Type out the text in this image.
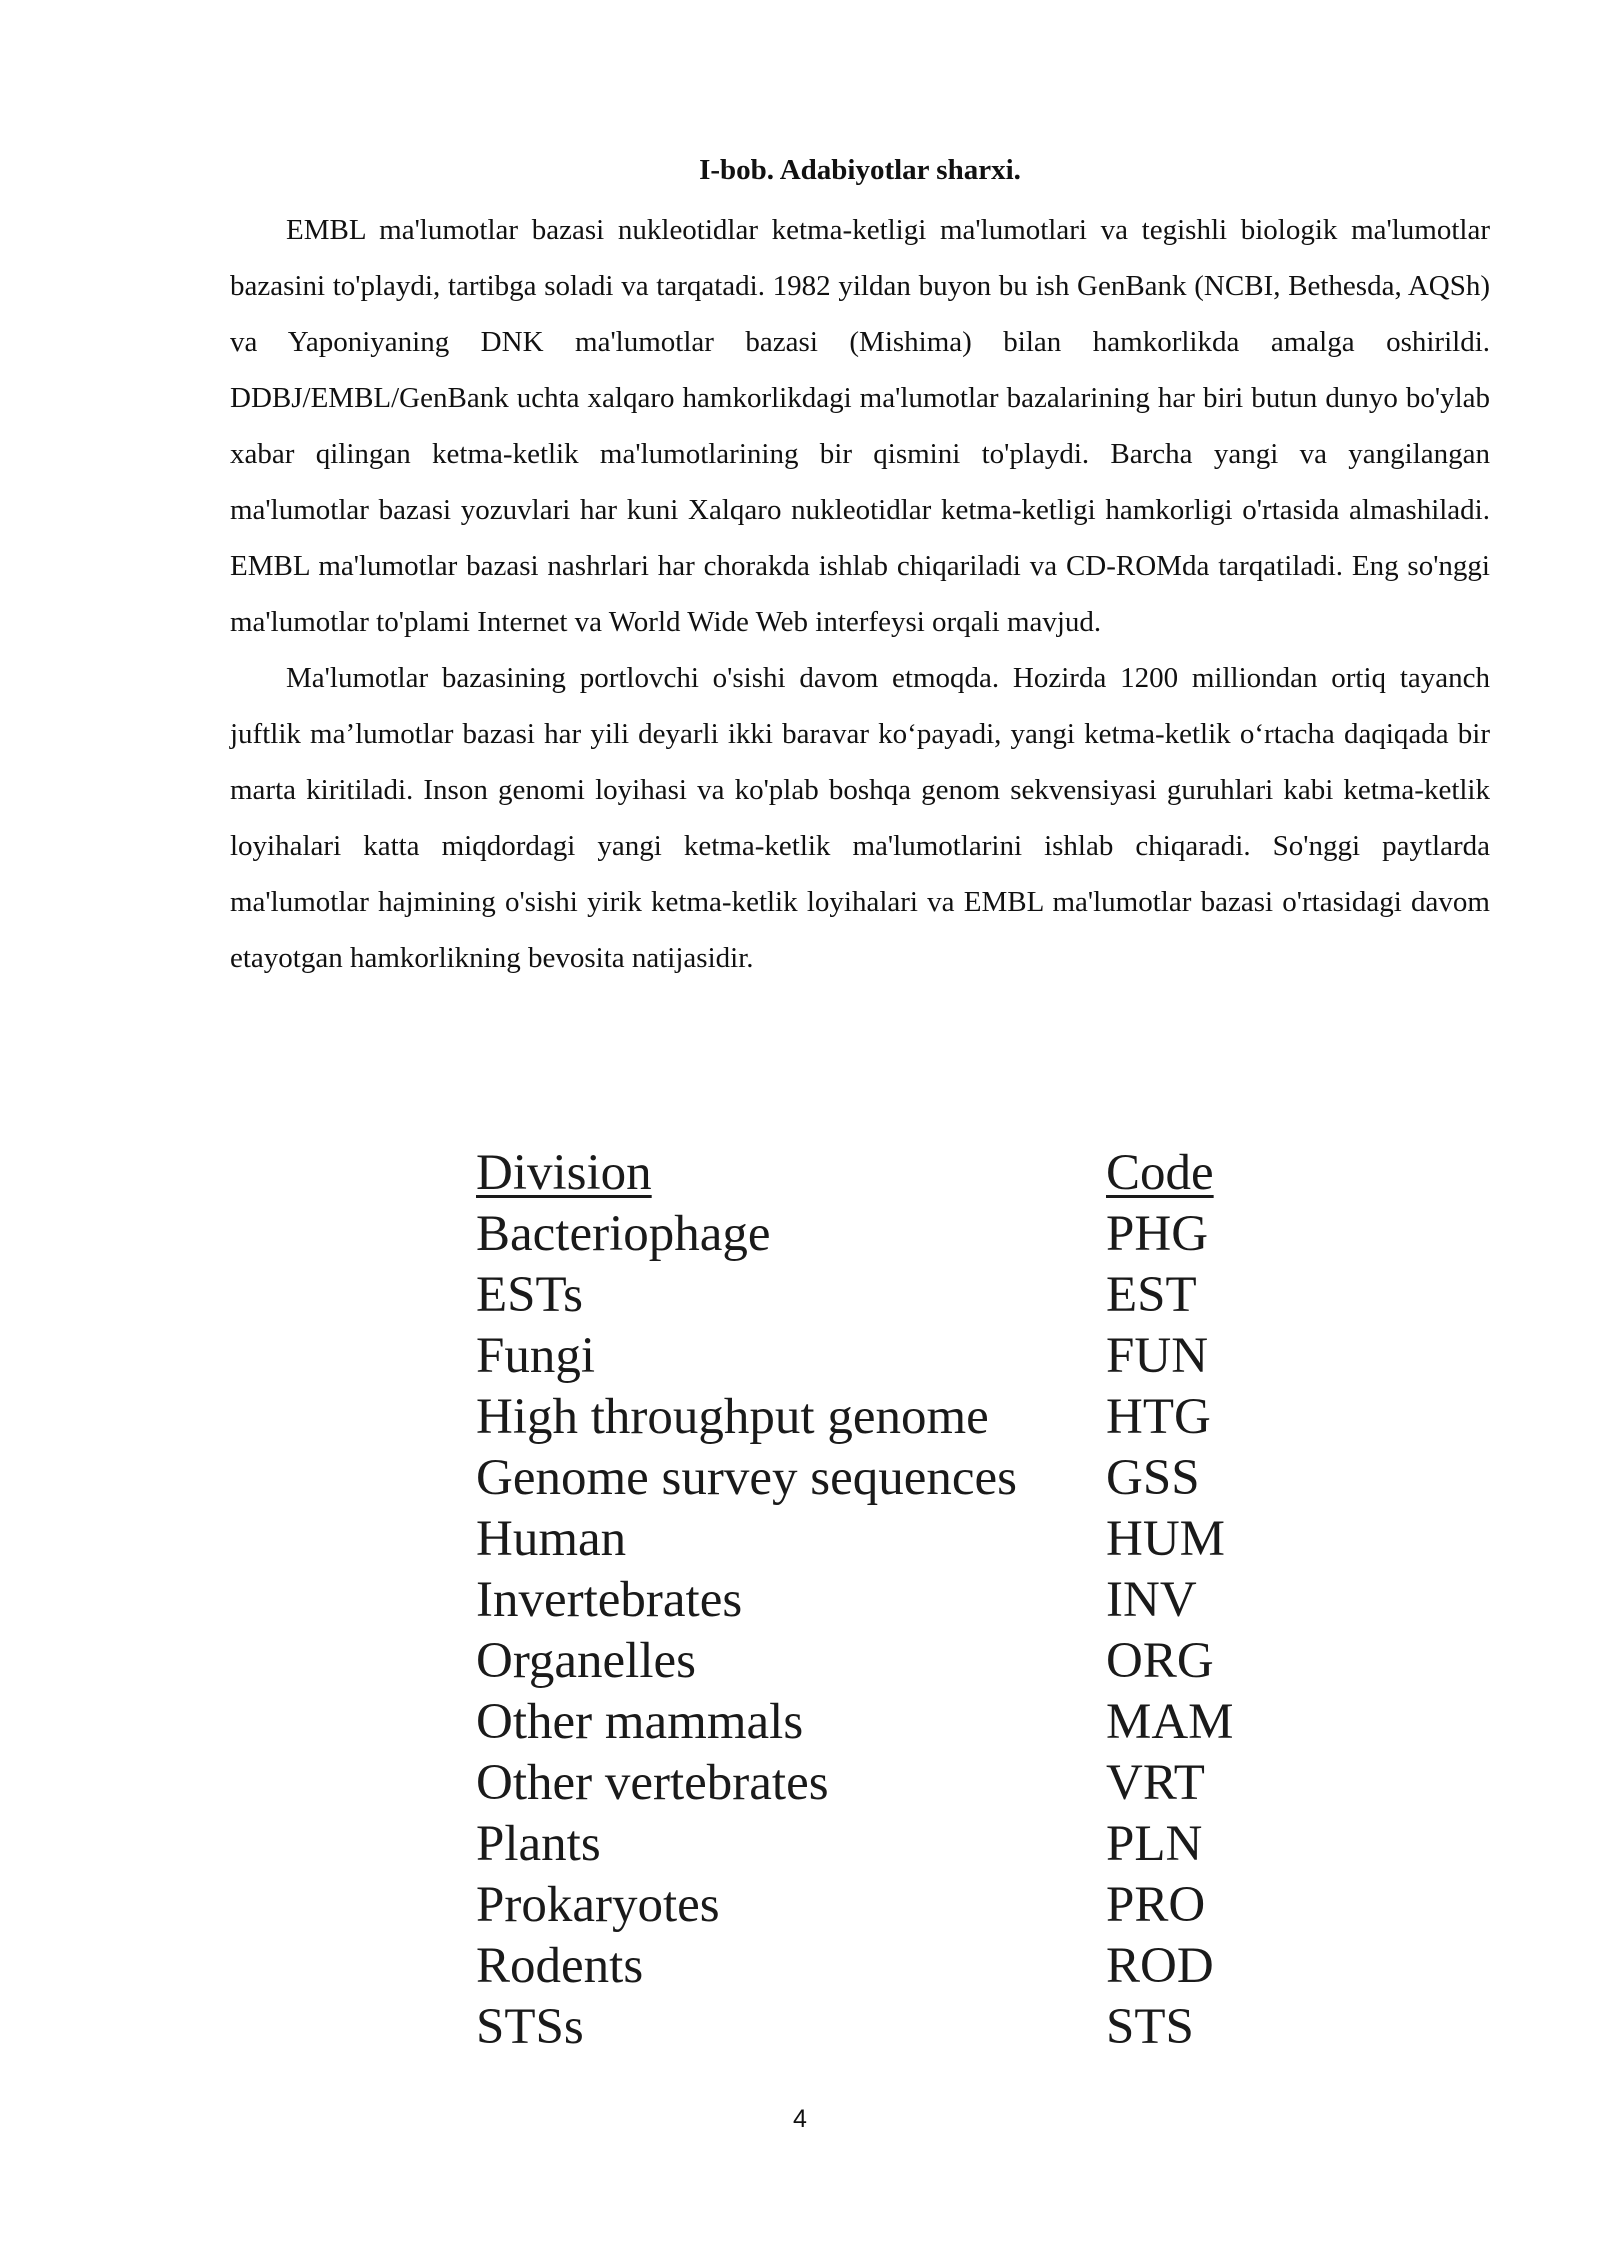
I-bob. Adabiyotlar sharxi.

EMBL ma'lumotlar bazasi nukleotidlar ketma-ketligi ma'lumotlari va tegishli biologik ma'lumotlar bazasini to'playdi, tartibga soladi va tarqatadi. 1982 yildan buyon bu ish GenBank (NCBI, Bethesda, AQSh) va Yaponiyaning DNK ma'lumotlar bazasi (Mishima) bilan hamkorlikda amalga oshirildi. DDBJ/EMBL/GenBank uchta xalqaro hamkorlikdagi ma'lumotlar bazalarining har biri butun dunyo bo'ylab xabar qilingan ketma-ketlik ma'lumotlarining bir qismini to'playdi. Barcha yangi va yangilangan ma'lumotlar bazasi yozuvlari har kuni Xalqaro nukleotidlar ketma-ketligi hamkorligi o'rtasida almashiladi. EMBL ma'lumotlar bazasi nashrlari har chorakda ishlab chiqariladi va CD-ROMda tarqatiladi. Eng so'nggi ma'lumotlar to'plami Internet va World Wide Web interfeysi orqali mavjud.

Ma'lumotlar bazasining portlovchi o'sishi davom etmoqda. Hozirda 1200 milliondan ortiq tayanch juftlik ma’lumotlar bazasi har yili deyarli ikki baravar ko‘payadi, yangi ketma-ketlik o‘rtacha daqiqada bir marta kiritiladi. Inson genomi loyihasi va ko'plab boshqa genom sekvensiyasi guruhlari kabi ketma-ketlik loyihalari katta miqdordagi yangi ketma-ketlik ma'lumotlarini ishlab chiqaradi. So'nggi paytlarda ma'lumotlar hajmining o'sishi yirik ketma-ketlik loyihalari va EMBL ma'lumotlar bazasi o'rtasidagi davom etayotgan hamkorlikning bevosita natijasidir.

Division	Code
Bacteriophage	PHG
ESTs	EST
Fungi	FUN
High throughput genome	HTG
Genome survey sequences	GSS
Human	HUM
Invertebrates	INV
Organelles	ORG
Other mammals	MAM
Other vertebrates	VRT
Plants	PLN
Prokaryotes	PRO
Rodents	ROD
STSs	STS
4
